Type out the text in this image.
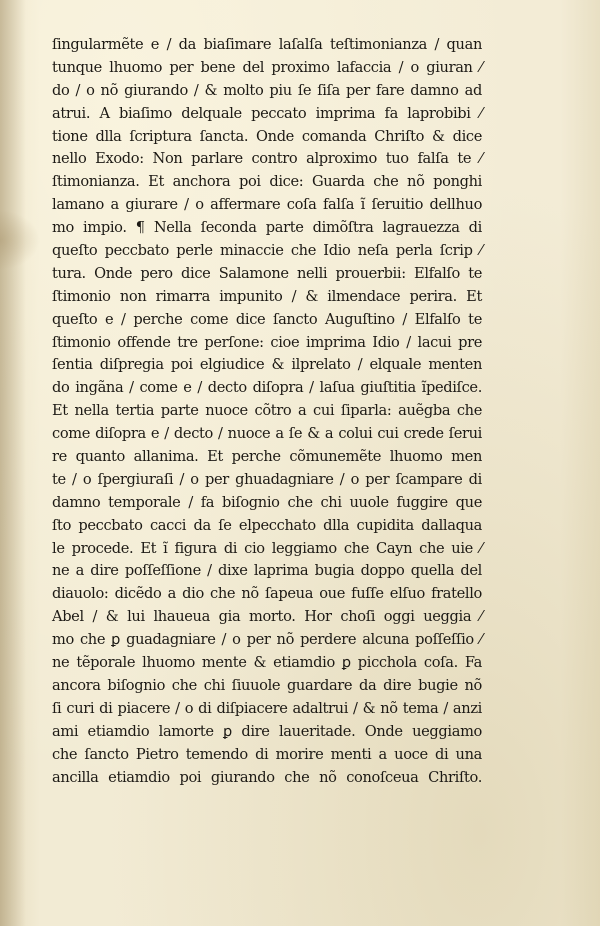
ſingularmẽte e / da biaſimare laſalſa teſtimonianza / quan
tunque lhuomo per bene del proximo lafaccia / o giuran ⁄
do / o nõ giurando / & molto piu ſe ſiſa per fare damno ad
atrui. A biaſimo delquale peccato imprima fa laprobibi ⁄
tione dlla ſcriptura ſancta. Onde comanda Chriſto & dice
nello Exodo: Non parlare contro alproximo tuo falſa te ⁄
ſtimonianza. Et anchora poi dice: Guarda che nõ ponghi
lamano a giurare / o affermare coſa falſa ĩ ſeruitio dellhuo
mo impio. ¶ Nella ſeconda parte dimõſtra lagrauezza di
queſto peccbato perle minaccie che Idio neſa perla ſcrip ⁄
tura. Onde pero dice Salamone nelli prouerbii: Elfalſo te
ſtimonio non rimarra impunito / & ilmendace perira. Et
queſto e / perche come dice ſancto Auguſtino / Elfalſo te
ſtimonio offende tre perſone: cioe imprima Idio / lacui pre
ſentia diſpregia poi elgiudice & ilprelato / elquale menten
do ingãna / come e / decto diſopra / laſua giuſtitia ĩpediſce.
Et nella tertia parte nuoce cõtro a cui ſiparla: auẽgba che
come diſopra e / decto / nuoce a ſe & a colui cui crede ſerui
re quanto allanima. Et perche cõmunemẽte lhuomo men
te / o ſpergiuraſi / o per ghuadagniare / o per ſcampare di
damno temporale / fa biſognio che chi uuole fuggire que
ſto peccbato cacci da ſe elpecchato dlla cupidita dallaqua
le procede. Et ĩ figura di cio leggiamo che Cayn che uie ⁄
ne a dire poſſeſſione / dixe laprima bugia doppo quella del
diauolo: dicẽdo a dio che nõ ſapeua oue fuſſe elſuo fratello
Abel / & lui lhaueua gia morto. Hor choſi oggi ueggia ⁄
mo che ꝑ guadagniare / o per nõ perdere alcuna poſſeſſio ⁄
ne tẽporale lhuomo mente & etiamdio ꝑ picchola coſa. Fa
ancora biſognio che chi ſiuuole guardare da dire bugie nõ
ſi curi di piacere / o di diſpiacere adaltrui / & nõ tema / anzi
ami etiamdio lamorte ꝑ dire laueritade. Onde ueggiamo
che ſancto Pietro temendo di morire menti a uoce di una
ancilla etiamdio poi giurando che nõ conoſceua Chriſto.
